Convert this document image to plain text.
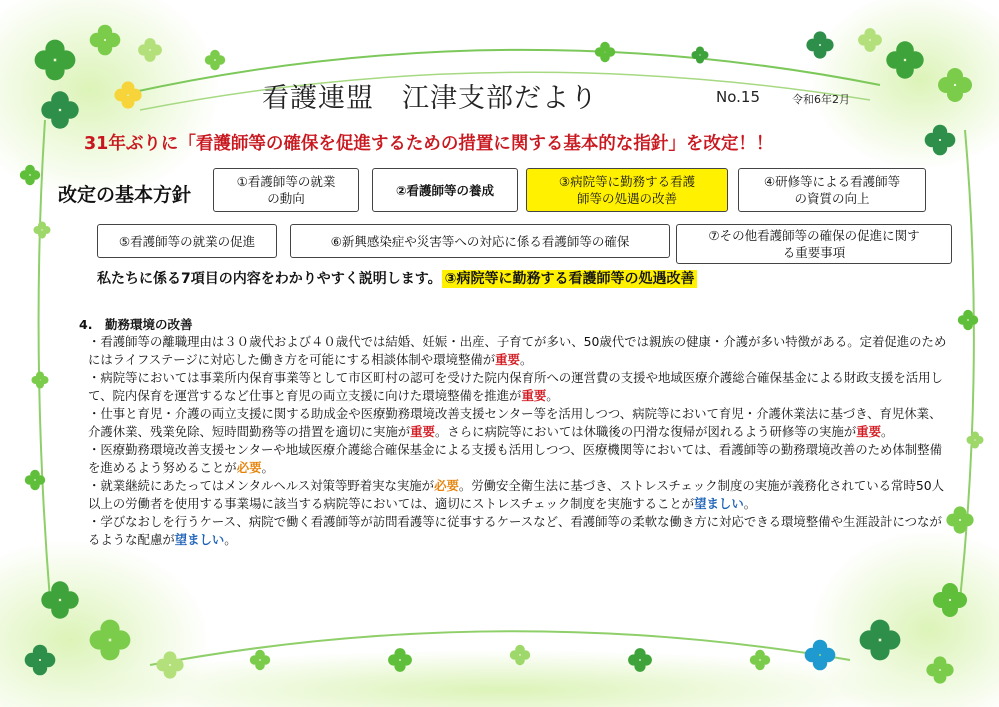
看護連盟　江津支部だより	No.15	令和6年2月
31年ぶりに「看護師等の確保を促進するための措置に関する基本的な指針」を改定！！
改定の基本方針
①看護師等の就業
の動向
②看護師等の養成
③病院等に勤務する看護
師等の処遇の改善
④研修等による看護師等
の資質の向上
⑤看護師等の就業の促進	⑥新興感染症や災害等への対応に係る看護師等の確保	⑦その他看護師等の確保の促進に関す
る重要事項
私たちに係る7項目の内容をわかりやすく説明します。 ③病院等に勤務する看護師等の処遇改善
4.　勤務環境の改善

・看護師等の離職理由は３０歳代および４０歳代では結婚、妊娠・出産、子育てが多い、50歳代では親族の健康・介護が多い特徴がある。定着促進のためにはライフステージに対応した働き方を可能にする相談体制や環境整備が重要。

・病院等においては事業所内保育事業等として市区町村の認可を受けた院内保育所への運営費の支援や地域医療介護総合確保基金による財政支援を活用して、院内保育を運営するなど仕事と育児の両立支援に向けた環境整備を推進が重要。

・仕事と育児・介護の両立支援に関する助成金や医療勤務環境改善支援センター等を活用しつつ、病院等において育児・介護休業法に基づき、育児休業、介護休業、残業免除、短時間勤務等の措置を適切に実施が重要。さらに病院等においては休職後の円滑な復帰が図れるよう研修等の実施が重要。

・医療勤務環境改善支援センターや地域医療介護総合確保基金による支援も活用しつつ、医療機関等においては、看護師等の勤務環境改善のため体制整備を進めるよう努めることが必要。

・就業継続にあたってはメンタルヘルス対策等野着実な実施が必要。労働安全衛生法に基づき、ストレスチェック制度の実施が義務化されている常時50人以上の労働者を使用する事業場に該当する病院等においては、適切にストレスチェック制度を実施することが望ましい。

・学びなおしを行うケース、病院で働く看護師等が訪問看護等に従事するケースなど、看護師等の柔軟な働き方に対応できる環境整備や生涯設計につながるような配慮が望ましい。
